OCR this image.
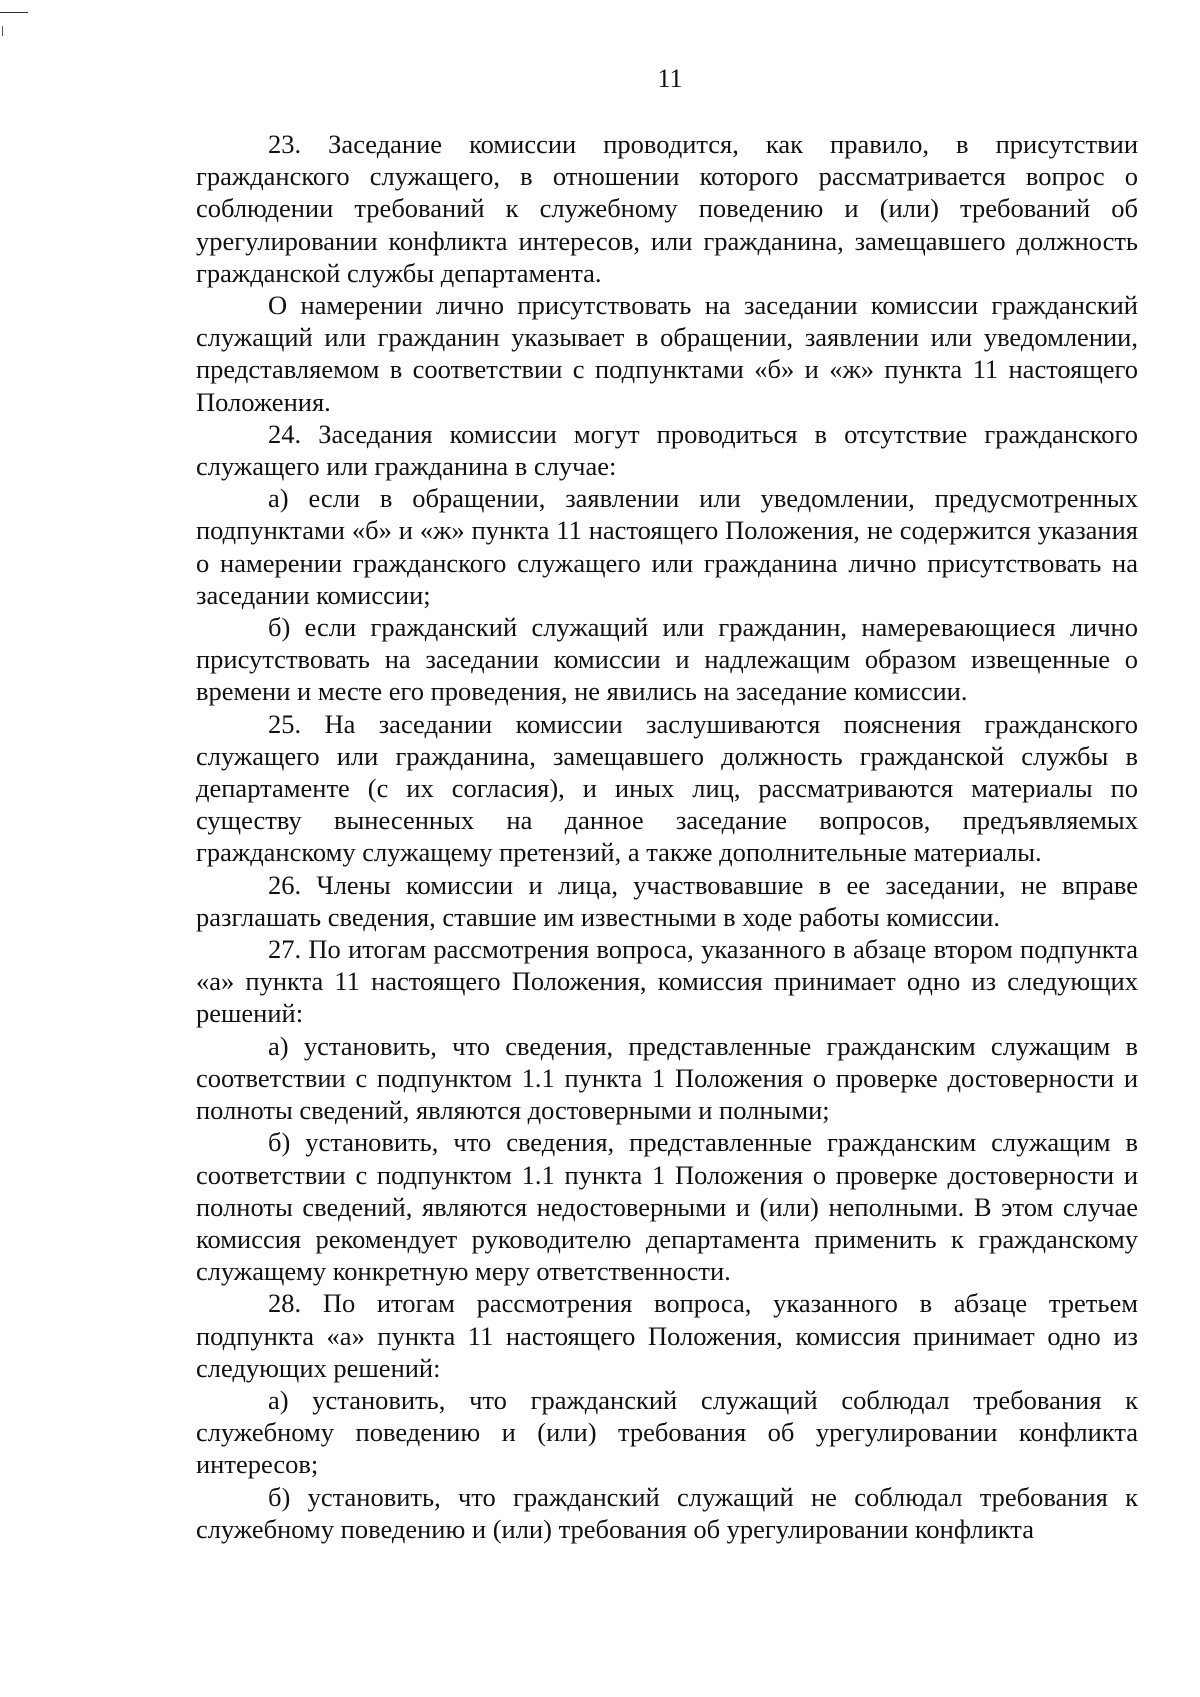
11

23. Заседание комиссии проводится, как правило, в присутствии гражданского служащего, в отношении которого рассматривается вопрос о соблюдении требований к служебному поведению и (или) требований об урегулировании конфликта интересов, или гражданина, замещавшего должность гражданской службы департамента.

О намерении лично присутствовать на заседании комиссии гражданский служащий или гражданин указывает в обращении, заявлении или уведомлении, представляемом в соответствии с подпунктами «б» и «ж» пункта 11 настоящего Положения.

24. Заседания комиссии могут проводиться в отсутствие гражданского служащего или гражданина в случае:

а) если в обращении, заявлении или уведомлении, предусмотренных подпунктами «б» и «ж» пункта 11 настоящего Положения, не содержится указания о намерении гражданского служащего или гражданина лично присутствовать на заседании комиссии;

б) если гражданский служащий или гражданин, намеревающиеся лично присутствовать на заседании комиссии и надлежащим образом извещенные о времени и месте его проведения, не явились на заседание комиссии.

25. На заседании комиссии заслушиваются пояснения гражданского служащего или гражданина, замещавшего должность гражданской службы в департаменте (с их согласия), и иных лиц, рассматриваются материалы по существу вынесенных на данное заседание вопросов, предъявляемых гражданскому служащему претензий, а также дополнительные материалы.

26. Члены комиссии и лица, участвовавшие в ее заседании, не вправе разглашать сведения, ставшие им известными в ходе работы комиссии.

27. По итогам рассмотрения вопроса, указанного в абзаце втором подпункта «а» пункта 11 настоящего Положения, комиссия принимает одно из следующих решений:

а) установить, что сведения, представленные гражданским служащим в соответствии с подпунктом 1.1 пункта 1 Положения о проверке достоверности и полноты сведений, являются достоверными и полными;

б) установить, что сведения, представленные гражданским служащим в соответствии с подпунктом 1.1 пункта 1 Положения о проверке достоверности и полноты сведений, являются недостоверными и (или) неполными. В этом случае комиссия рекомендует руководителю департамента применить к гражданскому служащему конкретную меру ответственности.

28. По итогам рассмотрения вопроса, указанного в абзаце третьем подпункта «а» пункта 11 настоящего Положения, комиссия принимает одно из следующих решений:

а) установить, что гражданский служащий соблюдал требования к служебному поведению и (или) требования об урегулировании конфликта интересов;

б) установить, что гражданский служащий не соблюдал требования к служебному поведению и (или) требования об урегулировании конфликта
